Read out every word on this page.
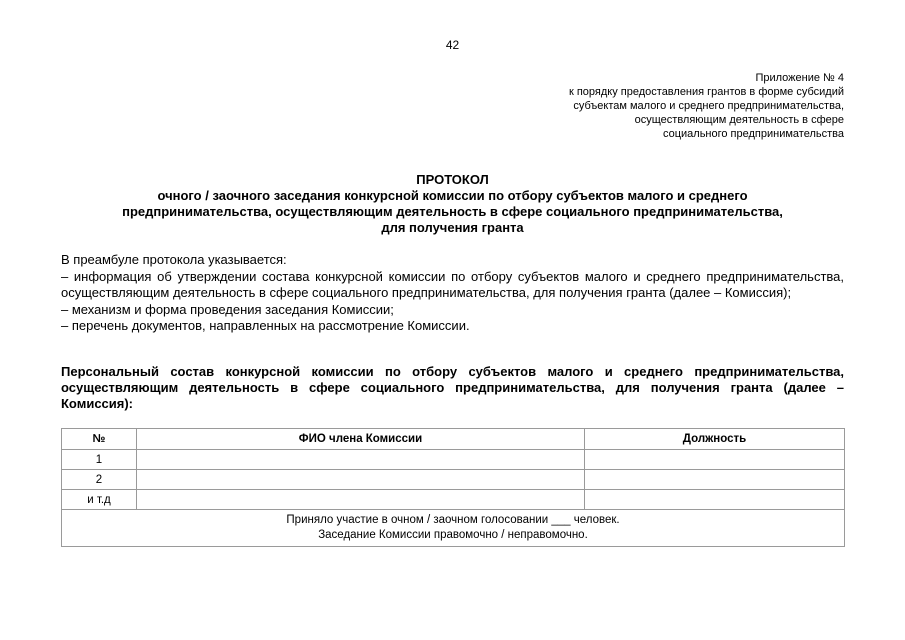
42
Приложение № 4
к порядку предоставления грантов в форме субсидий
субъектам малого и среднего предпринимательства,
осуществляющим деятельность в сфере
социального предпринимательства
ПРОТОКОЛ
очного / заочного заседания конкурсной комиссии по отбору субъектов малого и среднего
предпринимательства, осуществляющим деятельность в сфере социального предпринимательства,
для получения гранта
В преамбуле протокола указывается:
– информация об утверждении состава конкурсной комиссии по отбору субъектов малого и среднего предпринимательства, осуществляющим деятельность в сфере социального предпринимательства, для получения гранта (далее – Комиссия);
– механизм и форма проведения заседания Комиссии;
– перечень документов, направленных на рассмотрение Комиссии.
Персональный состав конкурсной комиссии по отбору субъектов малого и среднего предпринимательства, осуществляющим деятельность в сфере социального предпринимательства, для получения гранта (далее – Комиссия):
№	ФИО члена Комиссии	Должность
1		
2		
и т.д		

Приняло участие в очном / заочном голосовании ___ человек.
Заседание Комиссии правомочно / неправомочно.		
